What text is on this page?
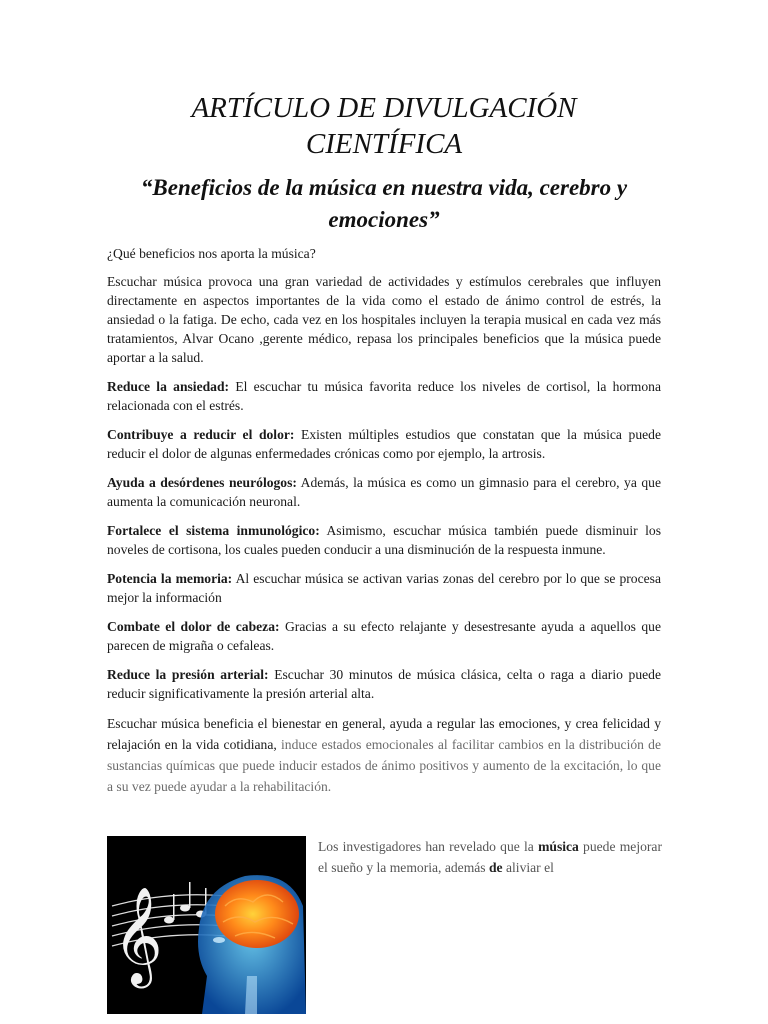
ARTÍCULO DE DIVULGACIÓN
CIENTÍFICA
“Beneficios de la música en nuestra vida, cerebro y emociones”

¿Qué beneficios nos aporta la música?

Escuchar música provoca una gran variedad de actividades y estímulos cerebrales que influyen directamente en aspectos importantes de la vida como el estado de ánimo control de estrés, la ansiedad o la fatiga. De echo, cada vez en los hospitales incluyen la terapia musical en cada vez más tratamientos, Alvar Ocano ,gerente médico, repasa los principales beneficios que la música puede aportar a la salud.

Reduce la ansiedad: El escuchar tu música favorita reduce los niveles de cortisol, la hormona relacionada con el estrés.

Contribuye a reducir el dolor: Existen múltiples estudios que constatan que la música puede reducir el dolor de algunas enfermedades crónicas como por ejemplo, la artrosis.

Ayuda a desórdenes neurólogos: Además, la música es como un gimnasio para el cerebro, ya que aumenta la comunicación neuronal.

Fortalece el sistema inmunológico: Asimismo, escuchar música también puede disminuir los noveles de cortisona, los cuales pueden conducir a una disminución de la respuesta inmune.

Potencia la memoria: Al escuchar música se activan varias zonas del cerebro por lo que se procesa mejor la información

Combate el dolor de cabeza: Gracias a su efecto relajante y desestresante ayuda a aquellos que parecen de migraña o cefaleas.

Reduce la presión arterial: Escuchar 30 minutos de música clásica, celta o raga a diario puede reducir significativamente la presión arterial alta.

Escuchar música beneficia el bienestar en general, ayuda a regular las emociones, y crea felicidad y relajación en la vida cotidiana, induce estados emocionales al facilitar cambios en la distribución de sustancias químicas que puede inducir estados de ánimo positivos y aumento de la excitación, lo que a su vez puede ayudar a la rehabilitación.

𝄞
Los investigadores han revelado que la música puede mejorar el sueño y la memoria, además de aliviar el
